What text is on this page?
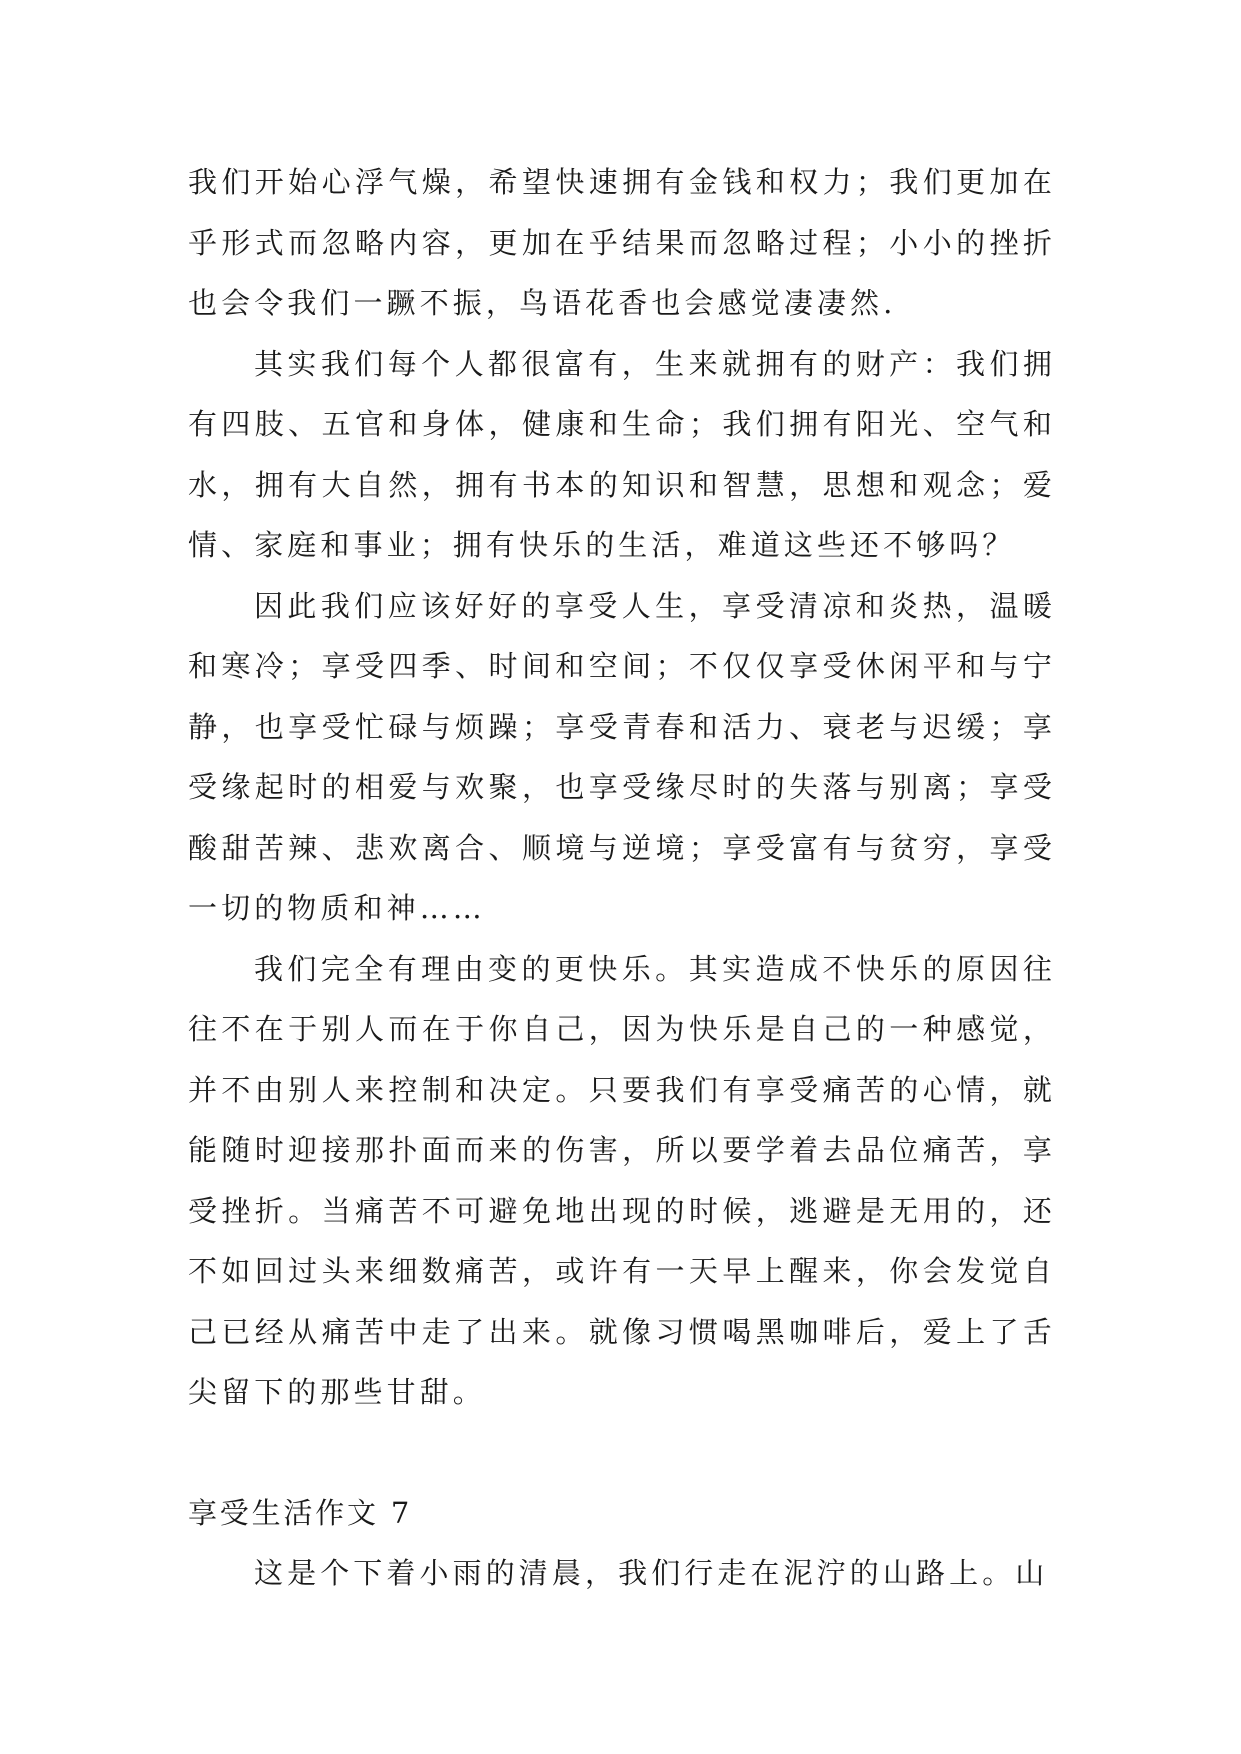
我们开始心浮气燥，希望快速拥有金钱和权力；我们更加在乎形式而忽略内容，更加在乎结果而忽略过程；小小的挫折也会令我们一蹶不振，鸟语花香也会感觉凄凄然.

其实我们每个人都很富有，生来就拥有的财产：我们拥有四肢、五官和身体，健康和生命；我们拥有阳光、空气和水，拥有大自然，拥有书本的知识和智慧，思想和观念；爱情、家庭和事业；拥有快乐的生活，难道这些还不够吗？

因此我们应该好好的享受人生，享受清凉和炎热，温暖和寒冷；享受四季、时间和空间；不仅仅享受休闲平和与宁静，也享受忙碌与烦躁；享受青春和活力、衰老与迟缓；享受缘起时的相爱与欢聚，也享受缘尽时的失落与别离；享受酸甜苦辣、悲欢离合、顺境与逆境；享受富有与贫穷，享受一切的物质和神……

我们完全有理由变的更快乐。其实造成不快乐的原因往往不在于别人而在于你自己，因为快乐是自己的一种感觉，并不由别人来控制和决定。只要我们有享受痛苦的心情，就能随时迎接那扑面而来的伤害，所以要学着去品位痛苦，享受挫折。当痛苦不可避免地出现的时候，逃避是无用的，还不如回过头来细数痛苦，或许有一天早上醒来，你会发觉自己已经从痛苦中走了出来。就像习惯喝黑咖啡后，爱上了舌尖留下的那些甘甜。

享受生活作文 7

这是个下着小雨的清晨，我们行走在泥泞的山路上。山
